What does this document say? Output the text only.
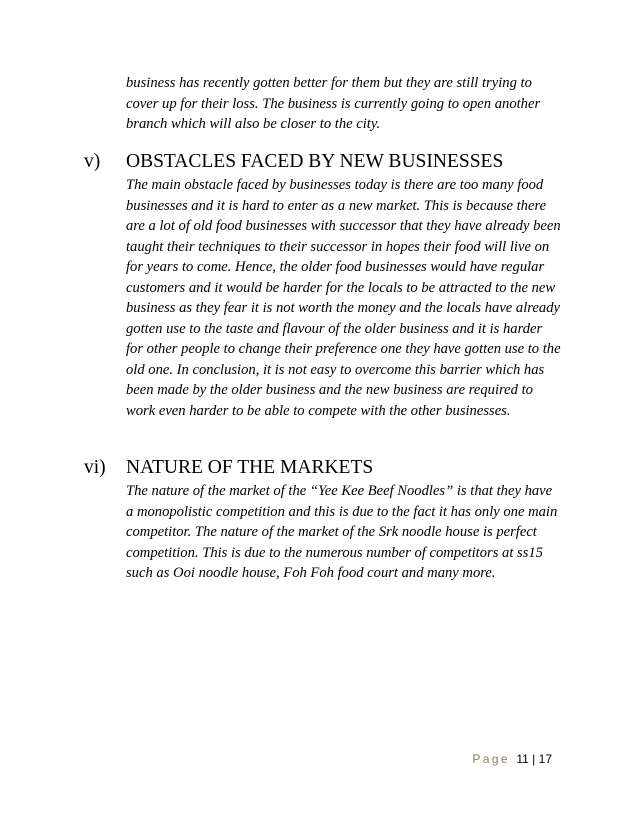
business has recently gotten better for them but they are still trying to
cover up for their loss. The business is currently going to open another
branch which will also be closer to the city.

v) OBSTACLES FACED BY NEW BUSINESSES

The main obstacle faced by businesses today is there are too many food
businesses and it is hard to enter as a new market. This is because there
are a lot of old food businesses with successor that they have already been
taught their techniques to their successor in hopes their food will live on
for years to come. Hence, the older food businesses would have regular
customers and it would be harder for the locals to be attracted to the new
business as they fear it is not worth the money and the locals have already
gotten use to the taste and flavour of the older business and it is harder
for other people to change their preference one they have gotten use to the
old one. In conclusion, it is not easy to overcome this barrier which has
been made by the older business and the new business are required to
work even harder to be able to compete with the other businesses.

vi) NATURE OF THE MARKETS

The nature of the market of the “Yee Kee Beef Noodles” is that they have
a monopolistic competition and this is due to the fact it has only one main
competitor. The nature of the market of the Srk noodle house is perfect
competition. This is due to the numerous number of competitors at ss15
such as Ooi noodle house, Foh Foh food court and many more.

Page 11 | 17
